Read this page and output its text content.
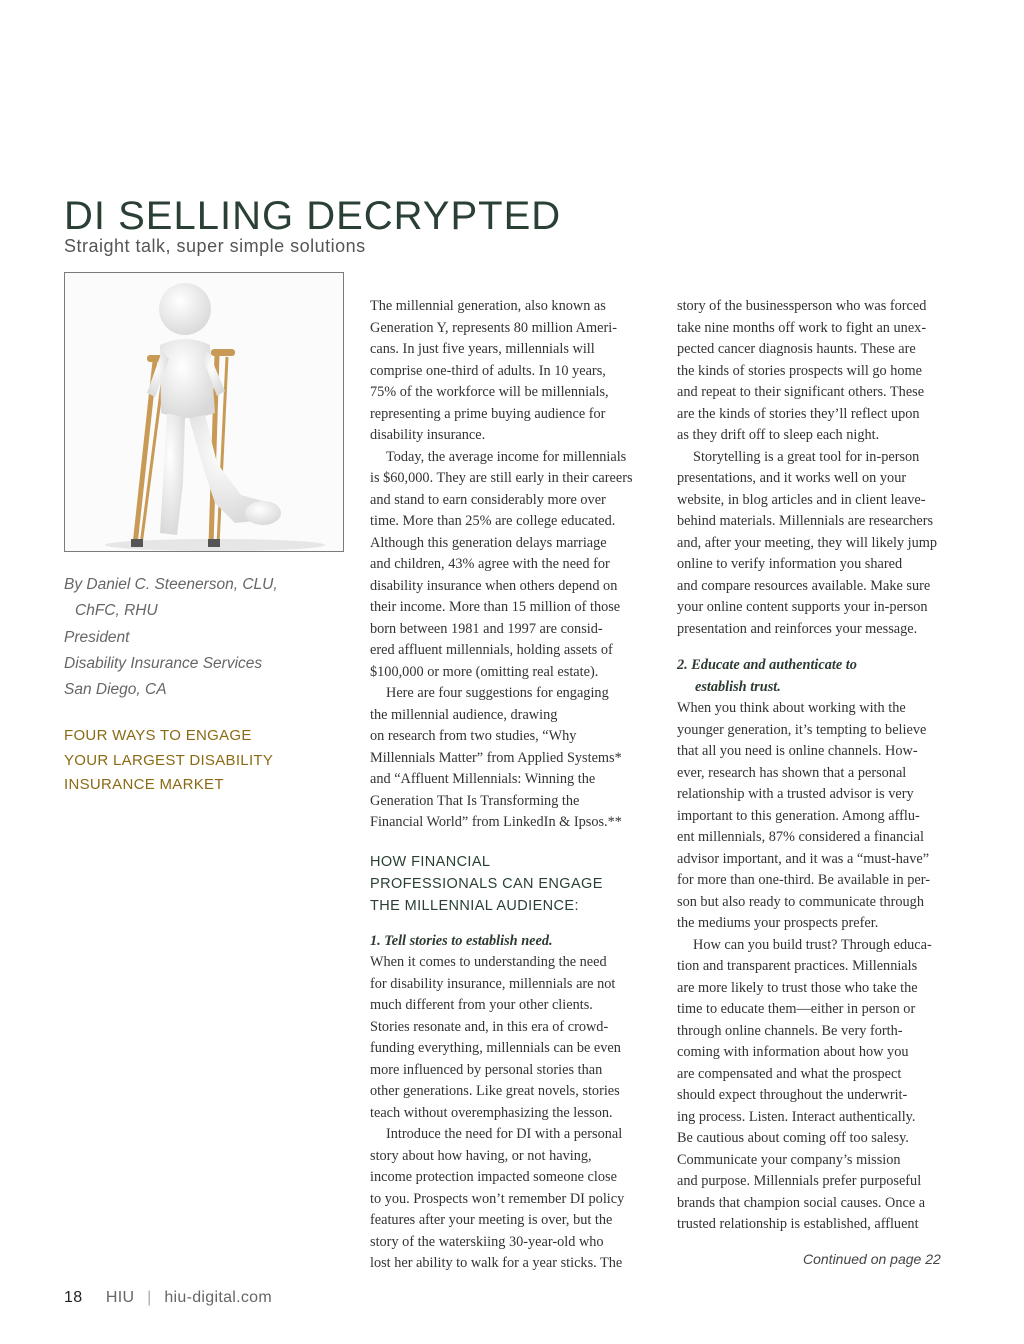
DI SELLING DECRYPTED
Straight talk, super simple solutions
By Daniel C. Steenerson, CLU,
ChFC, RHU
President
Disability Insurance Services
San Diego, CA
FOUR WAYS TO ENGAGE
YOUR LARGEST DISABILITY
INSURANCE MARKET
The millennial generation, also known as
Generation Y, represents 80 million Ameri-
cans. In just five years, millennials will
comprise one-third of adults. In 10 years,
75% of the workforce will be millennials,
representing a prime buying audience for
disability insurance.
Today, the average income for millennials
is $60,000. They are still early in their careers
and stand to earn considerably more over
time. More than 25% are college educated.
Although this generation delays marriage
and children, 43% agree with the need for
disability insurance when others depend on
their income. More than 15 million of those
born between 1981 and 1997 are consid-
ered affluent millennials, holding assets of
$100,000 or more (omitting real estate).
Here are four suggestions for engaging
the millennial audience, drawing
on research from two studies, “Why
Millennials Matter” from Applied Systems*
and “Affluent Millennials: Winning the
Generation That Is Transforming the
Financial World” from LinkedIn & Ipsos.**
HOW FINANCIAL
PROFESSIONALS CAN ENGAGE
THE MILLENNIAL AUDIENCE:
1. Tell stories to establish need.
When it comes to understanding the need
for disability insurance, millennials are not
much different from your other clients.
Stories resonate and, in this era of crowd-
funding everything, millennials can be even
more influenced by personal stories than
other generations. Like great novels, stories
teach without overemphasizing the lesson.
Introduce the need for DI with a personal
story about how having, or not having,
income protection impacted someone close
to you. Prospects won’t remember DI policy
features after your meeting is over, but the
story of the waterskiing 30-year-old who
lost her ability to walk for a year sticks. The
story of the businessperson who was forced
take nine months off work to fight an unex-
pected cancer diagnosis haunts. These are
the kinds of stories prospects will go home
and repeat to their significant others. These
are the kinds of stories they’ll reflect upon
as they drift off to sleep each night.
Storytelling is a great tool for in-person
presentations, and it works well on your
website, in blog articles and in client leave-
behind materials. Millennials are researchers
and, after your meeting, they will likely jump
online to verify information you shared
and compare resources available. Make sure
your online content supports your in-person
presentation and reinforces your message.
2. Educate and authenticate to
establish trust.
When you think about working with the
younger generation, it’s tempting to believe
that all you need is online channels. How-
ever, research has shown that a personal
relationship with a trusted advisor is very
important to this generation. Among afflu-
ent millennials, 87% considered a financial
advisor important, and it was a “must-have”
for more than one-third. Be available in per-
son but also ready to communicate through
the mediums your prospects prefer.
How can you build trust? Through educa-
tion and transparent practices. Millennials
are more likely to trust those who take the
time to educate them—either in person or
through online channels. Be very forth-
coming with information about how you
are compensated and what the prospect
should expect throughout the underwrit-
ing process. Listen. Interact authentically.
Be cautious about coming off too salesy.
Communicate your company’s mission
and purpose. Millennials prefer purposeful
brands that champion social causes. Once a
trusted relationship is established, affluent
Continued on page 22
18 HIU | hiu-digital.com
